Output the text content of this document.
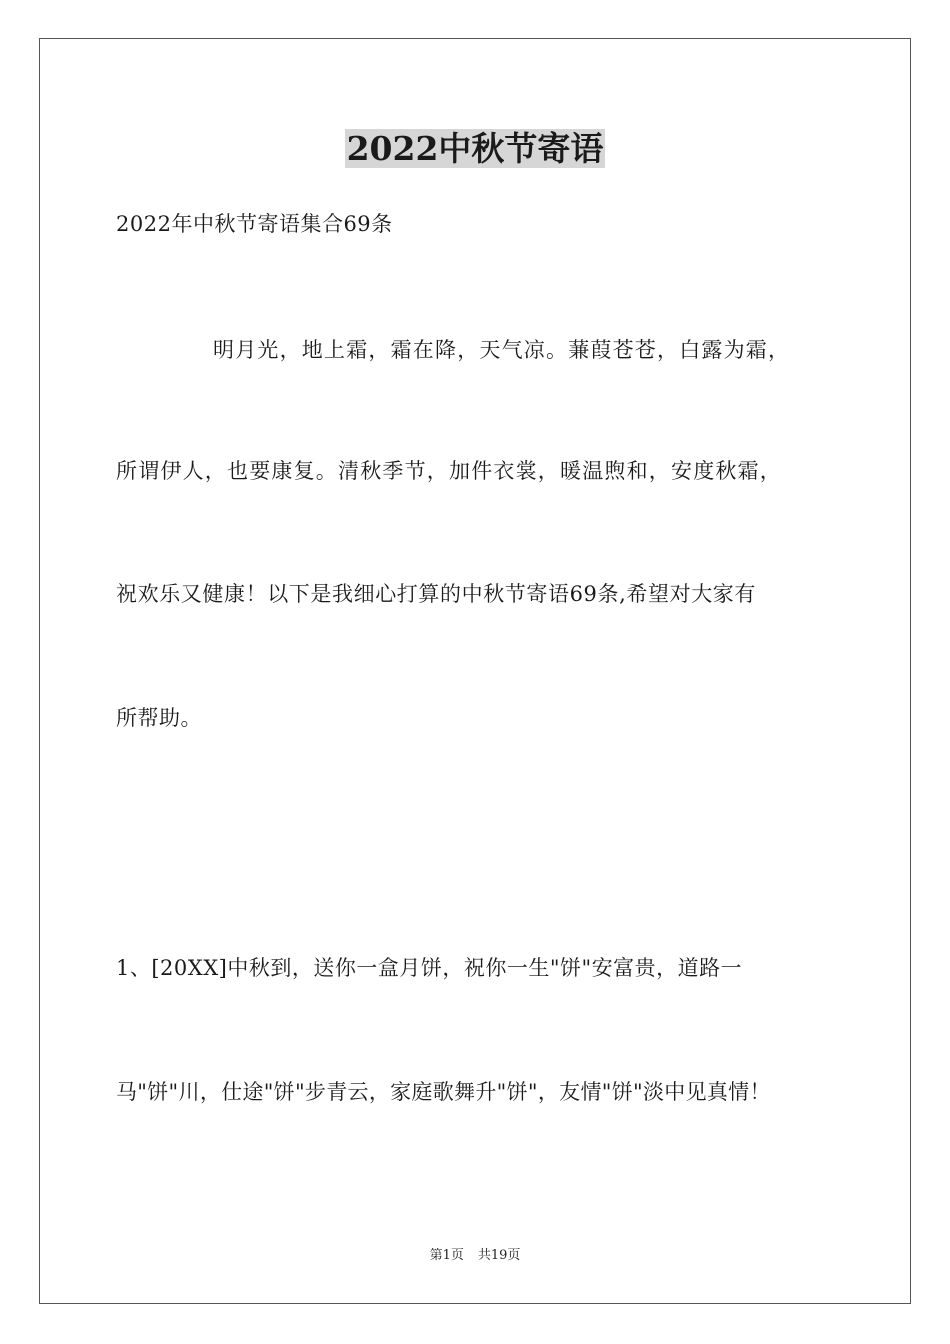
2022中秋节寄语
2022年中秋节寄语集合69条
明月光，地上霜，霜在降，天气凉。蒹葭苍苍，白露为霜，
所谓伊人，也要康复。清秋季节，加件衣裳，暖温煦和，安度秋霜，
祝欢乐又健康！以下是我细心打算的中秋节寄语69条,希望对大家有
所帮助。
1、[20XX]中秋到，送你一盒月饼，祝你一生"饼"安富贵，道路一
马"饼"川，仕途"饼"步青云，家庭歌舞升"饼"，友情"饼"淡中见真情！
第1页 共19页
